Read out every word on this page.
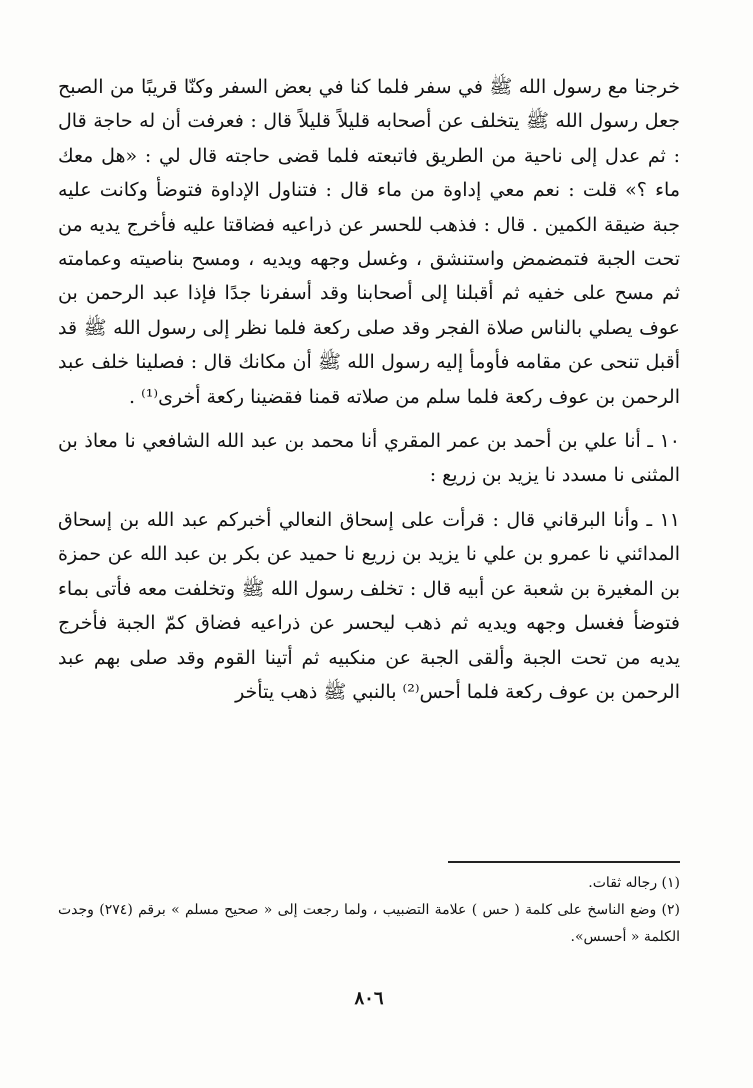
خرجنا مع رسول الله ﷺ في سفر فلما كنا في بعض السفر وكنّا قريبًا من الصبح جعل رسول الله ﷺ يتخلف عن أصحابه قليلاً قليلاً قال : فعرفت أن له حاجة قال : ثم عدل إلى ناحية من الطريق فاتبعته فلما قضى حاجته قال لي : «هل معك ماء ؟» قلت : نعم معي إداوة من ماء قال : فتناول الإداوة فتوضأ وكانت عليه جبة ضيقة الكمين . قال : فذهب للحسر عن ذراعيه فضاقتا عليه فأخرج يديه من تحت الجبة فتمضمض واستنشق ، وغسل وجهه ويديه ، ومسح بناصيته وعمامته ثم مسح على خفيه ثم أقبلنا إلى أصحابنا وقد أسفرنا جدًا فإذا عبد الرحمن بن عوف يصلي بالناس صلاة الفجر وقد صلى ركعة فلما نظر إلى رسول الله ﷺ قد أقبل تنحى عن مقامه فأومأ إليه رسول الله ﷺ أن مكانك قال : فصلينا خلف عبد الرحمن بن عوف ركعة فلما سلم من صلاته قمنا فقضينا ركعة أخرى⁽¹⁾ .

١٠ ـ أنا علي بن أحمد بن عمر المقري أنا محمد بن عبد الله الشافعي نا معاذ بن المثنى نا مسدد نا يزيد بن زريع :

١١ ـ وأنا البرقاني قال : قرأت على إسحاق النعالي أخبركم عبد الله بن إسحاق المدائني نا عمرو بن علي نا يزيد بن زريع نا حميد عن بكر بن عبد الله عن حمزة بن المغيرة بن شعبة عن أبيه قال : تخلف رسول الله ﷺ وتخلفت معه فأتى بماء فتوضأ فغسل وجهه ويديه ثم ذهب ليحسر عن ذراعيه فضاق كمّ الجبة فأخرج يديه من تحت الجبة وألقى الجبة عن منكبيه ثم أتينا القوم وقد صلى بهم عبد الرحمن بن عوف ركعة فلما أحس⁽²⁾ بالنبي ﷺ ذهب يتأخر

(١) رجاله ثقات.

(٢) وضع الناسخ على كلمة ( حس ) علامة التضبيب ، ولما رجعت إلى « صحيح مسلم » برقم (٢٧٤) وجدت الكلمة « أحسس».

٨٠٦
